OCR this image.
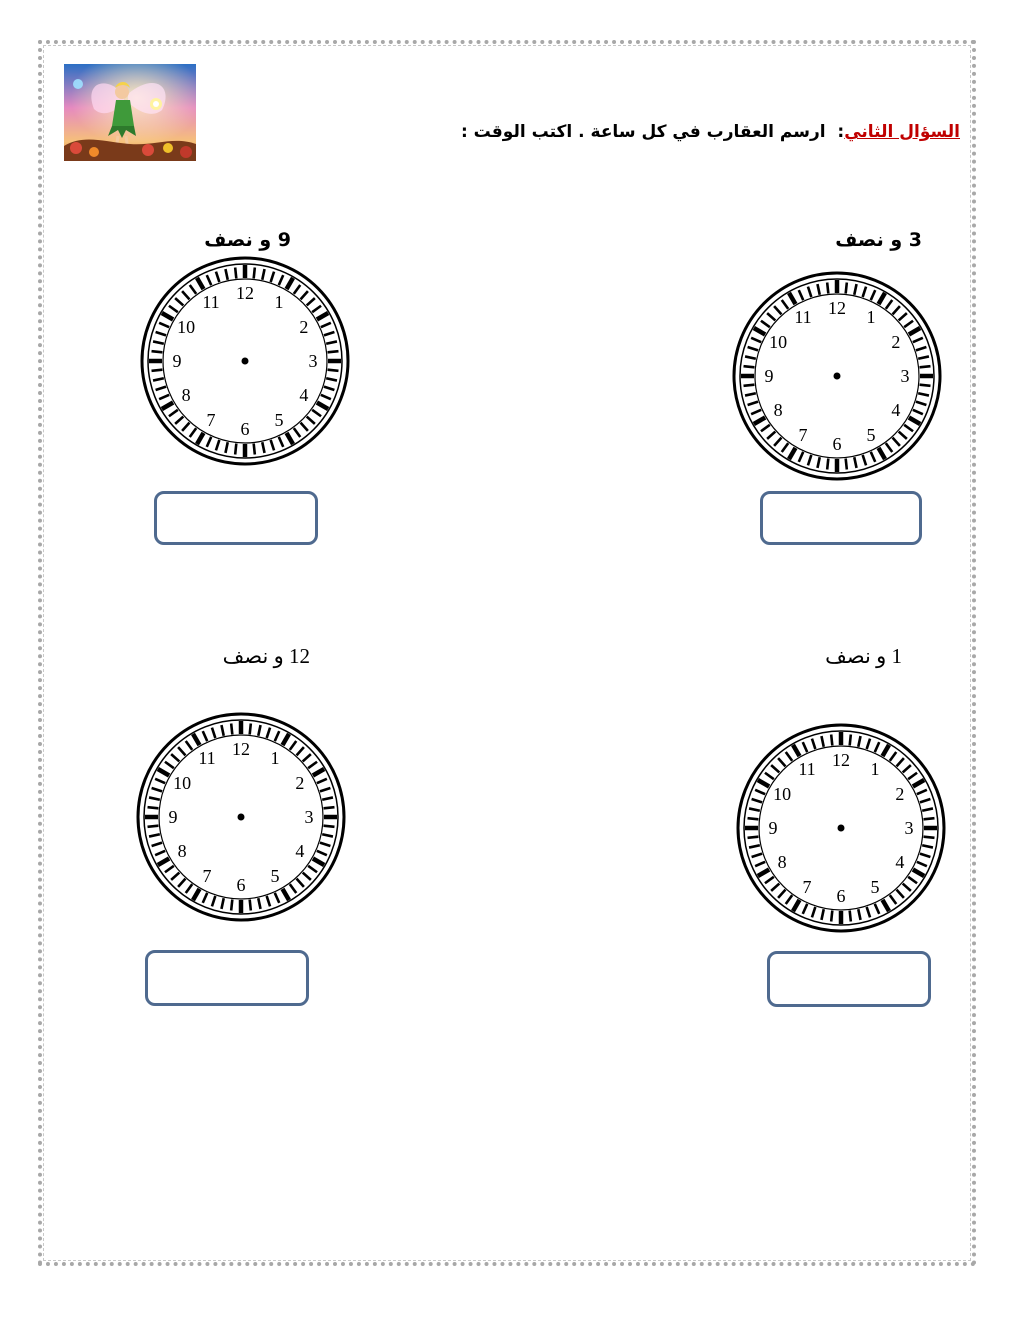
السؤال الثاني:  ارسم العقارب في كل ساعة . اكتب الوقت :
3 و نصف
9 و نصف
1 و نصف
12 و نصف
12 1
2
3
4
5
6
7
8
9
10
11
12 1
2
3
4
5
6
7
8
9
10
11
12 1
2
3
4
5
6
7
8
9
10
11	12 1
2
3
4
5
6
7
8
9
10
11
